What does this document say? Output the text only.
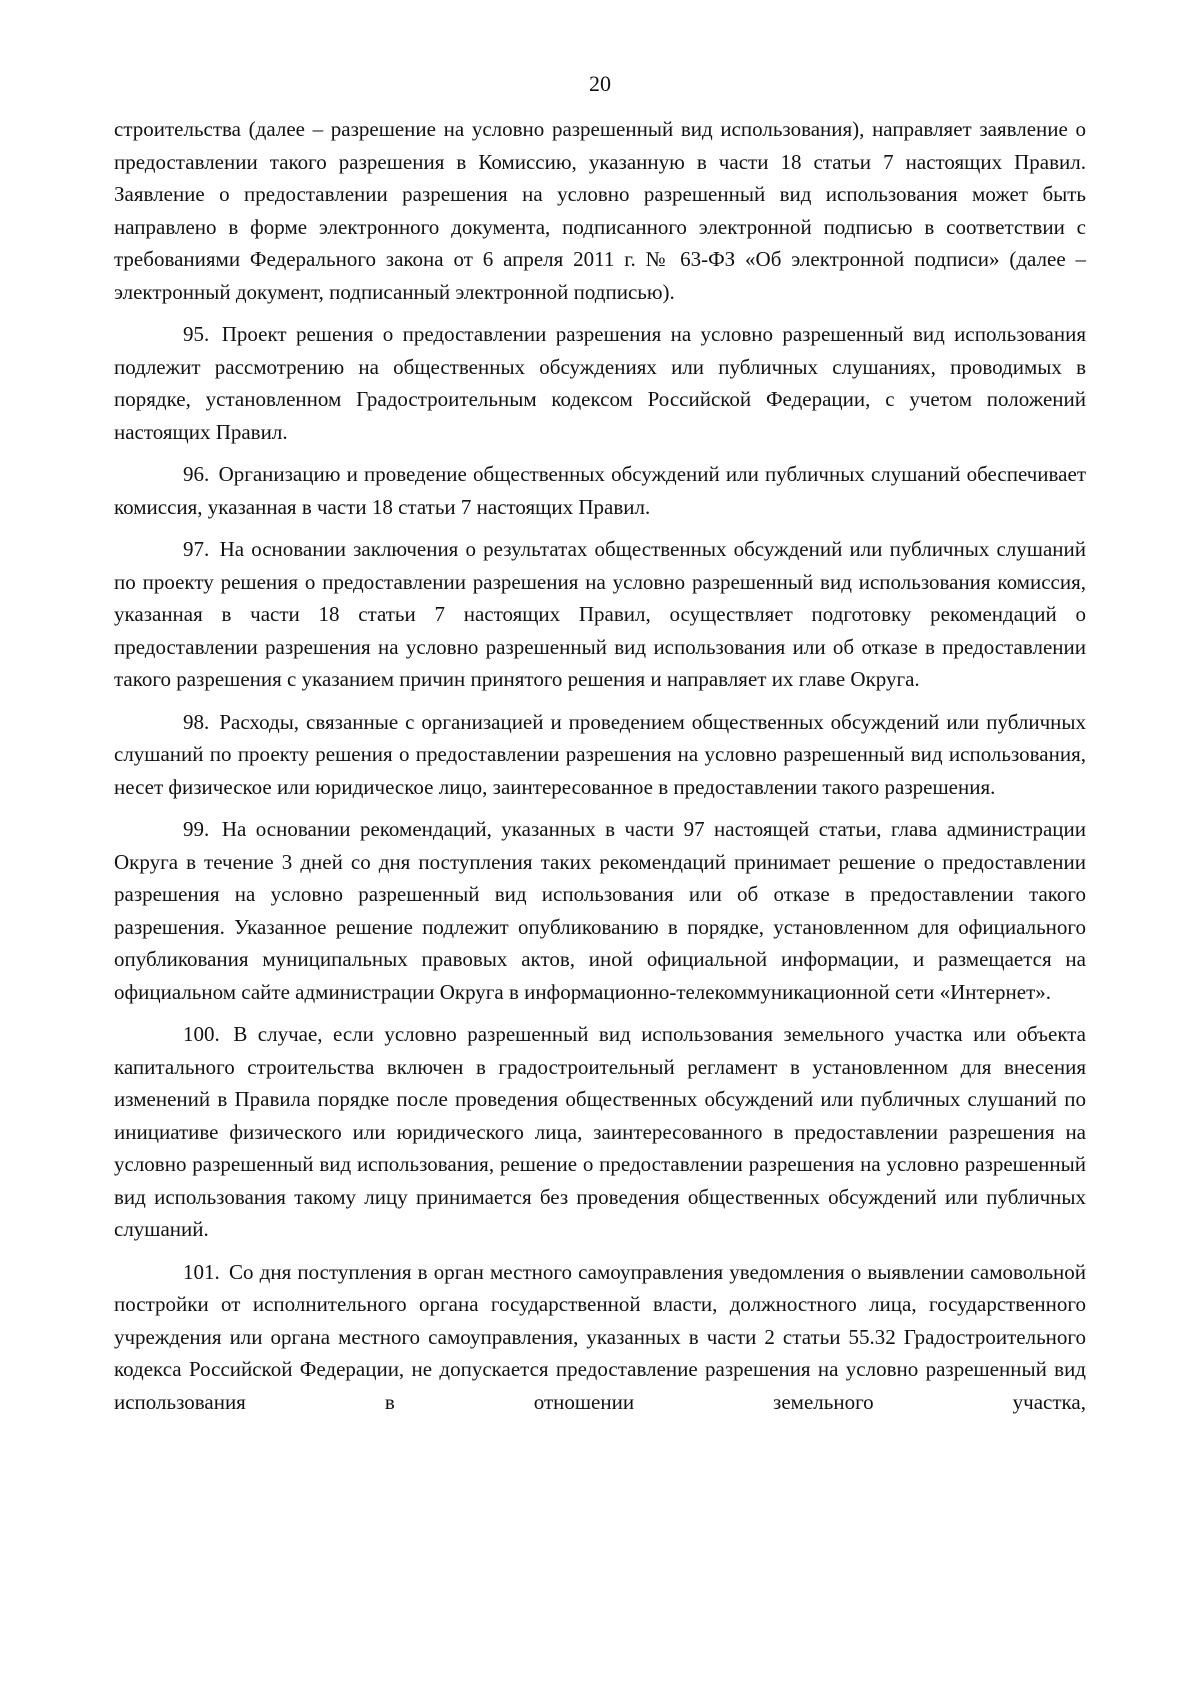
20

строительства (далее – разрешение на условно разрешенный вид использования), направляет заявление о предоставлении такого разрешения в Комиссию, указанную в части 18 статьи 7 настоящих Правил. Заявление о предоставлении разрешения на условно разрешенный вид использования может быть направлено в форме электронного документа, подписанного электронной подписью в соответствии с требованиями Федерального закона от 6 апреля 2011 г. № 63-ФЗ «Об электронной подписи» (далее – электронный документ, подписанный электронной подписью).

95. Проект решения о предоставлении разрешения на условно разрешенный вид использования подлежит рассмотрению на общественных обсуждениях или публичных слушаниях, проводимых в порядке, установленном Градостроительным кодексом Российской Федерации, с учетом положений настоящих Правил.

96. Организацию и проведение общественных обсуждений или публичных слушаний обеспечивает комиссия, указанная в части 18 статьи 7 настоящих Правил.

97. На основании заключения о результатах общественных обсуждений или публичных слушаний по проекту решения о предоставлении разрешения на условно разрешенный вид использования комиссия, указанная в части 18 статьи 7 настоящих Правил, осуществляет подготовку рекомендаций о предоставлении разрешения на условно разрешенный вид использования или об отказе в предоставлении такого разрешения с указанием причин принятого решения и направляет их главе Округа.

98. Расходы, связанные с организацией и проведением общественных обсуждений или публичных слушаний по проекту решения о предоставлении разрешения на условно разрешенный вид использования, несет физическое или юридическое лицо, заинтересованное в предоставлении такого разрешения.

99. На основании рекомендаций, указанных в части 97 настоящей статьи, глава администрации Округа в течение 3 дней со дня поступления таких рекомендаций принимает решение о предоставлении разрешения на условно разрешенный вид использования или об отказе в предоставлении такого разрешения. Указанное решение подлежит опубликованию в порядке, установленном для официального опубликования муниципальных правовых актов, иной официальной информации, и размещается на официальном сайте администрации Округа в информационно-телекоммуникационной сети «Интернет».

100. В случае, если условно разрешенный вид использования земельного участка или объекта капитального строительства включен в градостроительный регламент в установленном для внесения изменений в Правила порядке после проведения общественных обсуждений или публичных слушаний по инициативе физического или юридического лица, заинтересованного в предоставлении разрешения на условно разрешенный вид использования, решение о предоставлении разрешения на условно разрешенный вид использования такому лицу принимается без проведения общественных обсуждений или публичных слушаний.

101. Со дня поступления в орган местного самоуправления уведомления о выявлении самовольной постройки от исполнительного органа государственной власти, должностного лица, государственного учреждения или органа местного самоуправления, указанных в части 2 статьи 55.32 Градостроительного кодекса Российской Федерации, не допускается предоставление разрешения на условно разрешенный вид использования в отношении земельного участка,
